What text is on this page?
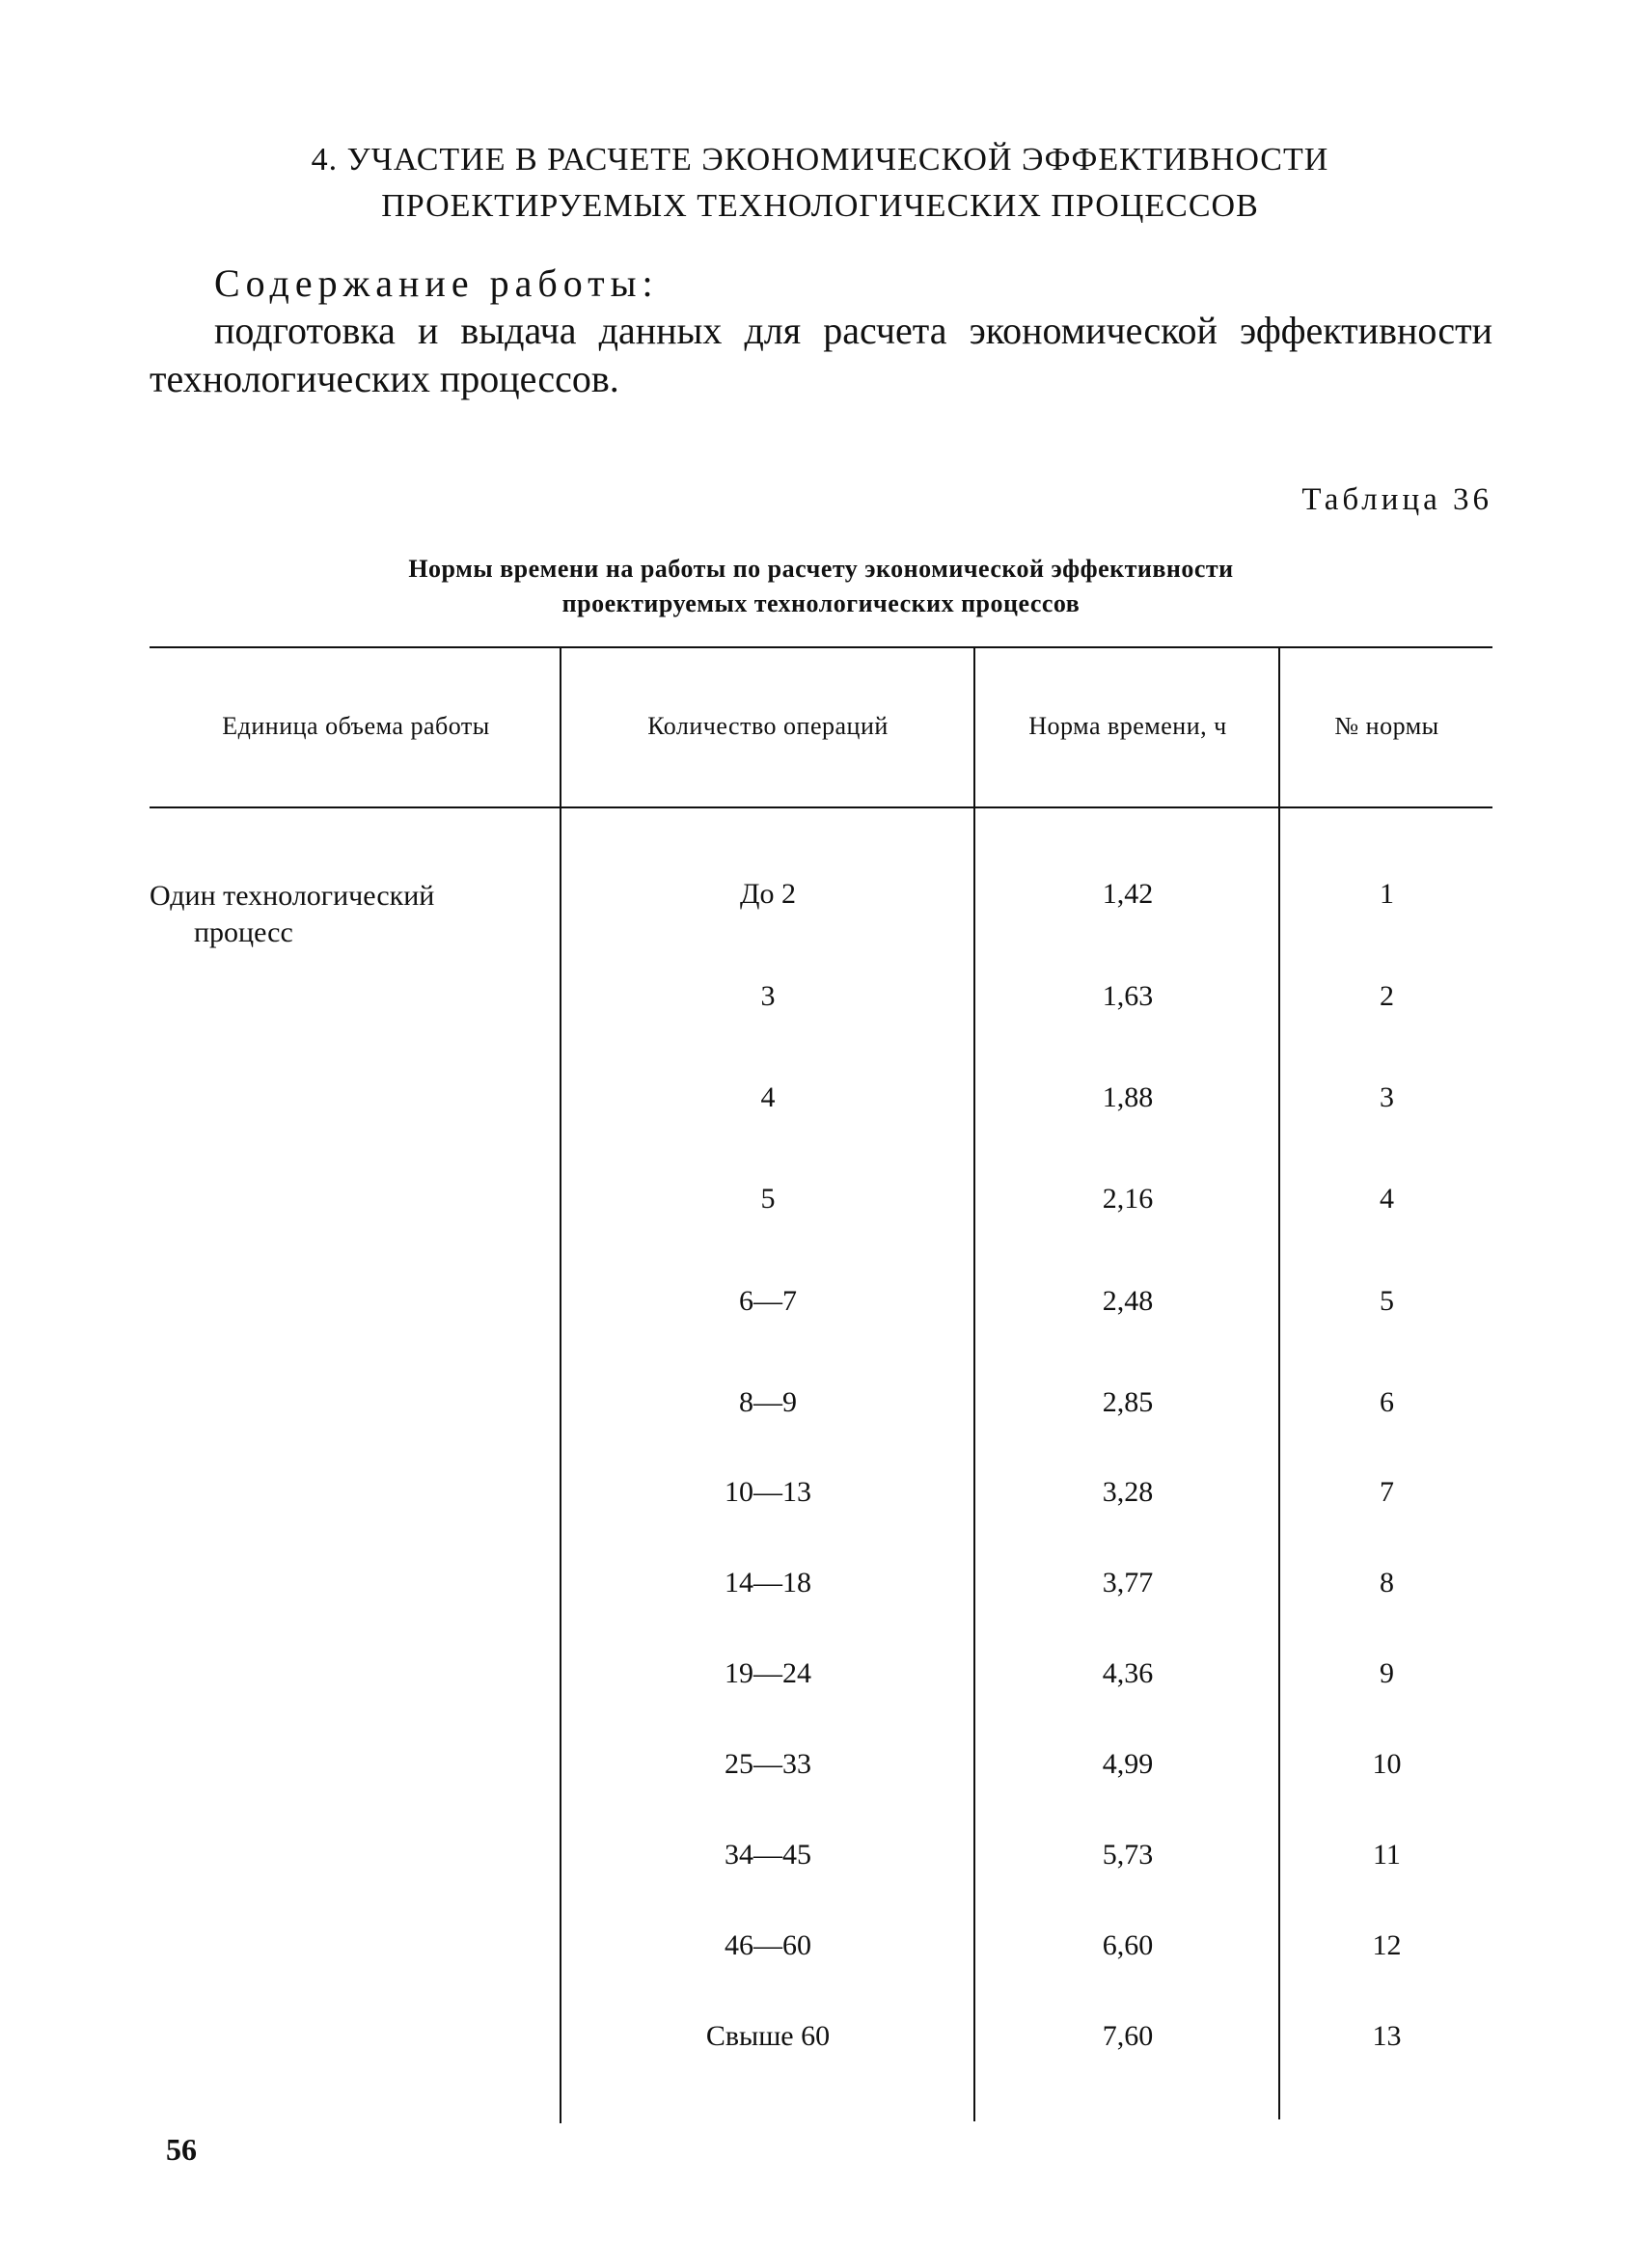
4. УЧАСТИЕ В РАСЧЕТЕ ЭКОНОМИЧЕСКОЙ ЭФФЕКТИВНОСТИ
ПРОЕКТИРУЕМЫХ ТЕХНОЛОГИЧЕСКИХ ПРОЦЕССОВ
Содержание работы:
подготовка и выдача данных для расчета экономической эффективности технологических процессов.
Таблица 36
Нормы времени на работы по расчету экономической эффективности
проектируемых технологических процессов
Единица объема работы	Количество операций	Норма времени, ч	№ нормы
Один технологический
процесс
До 2	1,42	1
3	1,63	2
4	1,88	3
5	2,16	4
6—7	2,48	5
8—9	2,85	6
10—13	3,28	7
14—18	3,77	8
19—24	4,36	9
25—33	4,99	10
34—45	5,73	11
46—60	6,60	12
Свыше 60	7,60	13
56
